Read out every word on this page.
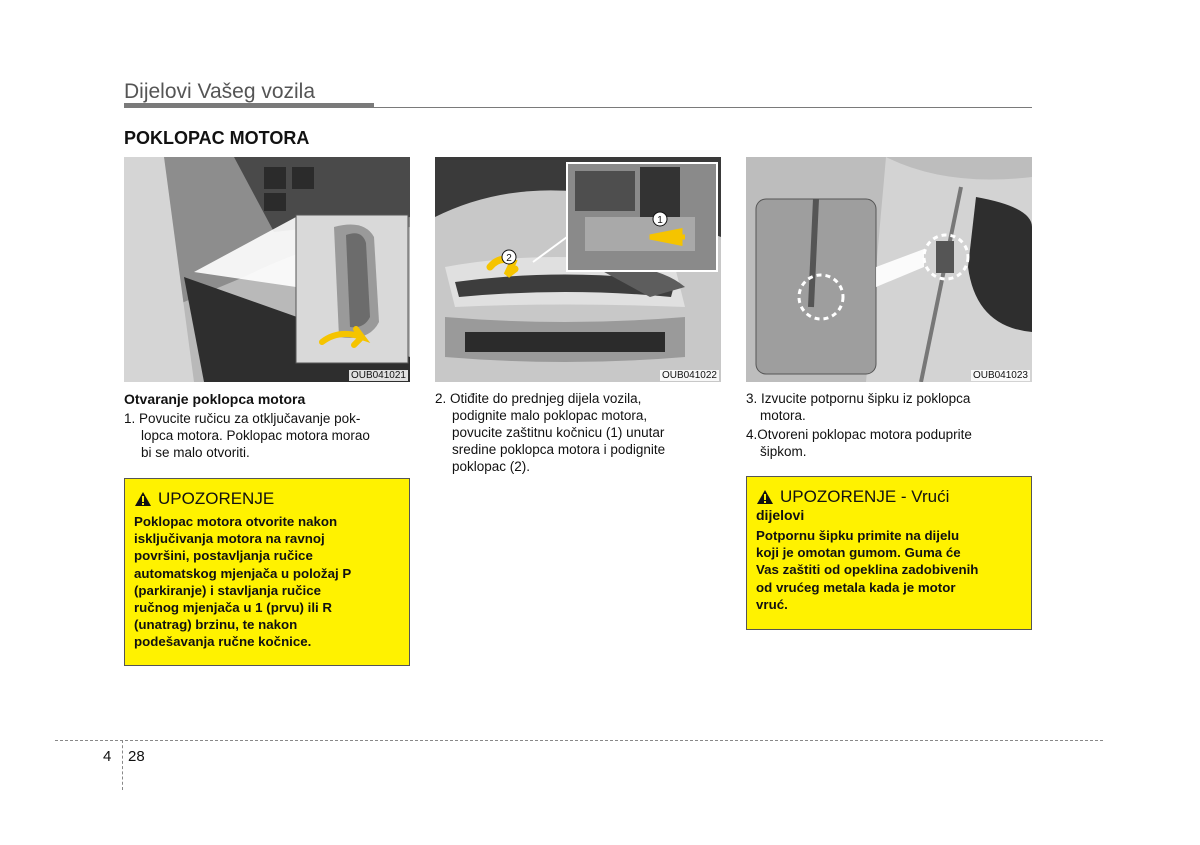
Dijelovi Vašeg vozila
POKLOPAC MOTORA
OUB041021
2
1
OUB041022	OUB041023
Otvaranje poklopca motora

1. Povucite ručicu za otključavanje pok-

lopca motora. Poklopac motora morao

bi se malo otvoriti.

2. Otiđite do prednjeg dijela vozila,

podignite malo poklopac motora,

povucite zaštitnu kočnicu (1) unutar

sredine poklopca motora i podignite

poklopac (2).

3. Izvucite potpornu šipku iz poklopca

motora.

4.Otvoreni poklopac motora poduprite

šipkom.

UPOZORENJE
Poklopac motora otvorite nakon
isključivanja motora na ravnoj
površini, postavljanja ručice
automatskog mjenjača u položaj P
(parkiranje) i stavljanja ručice
ručnog mjenjača u 1 (prvu) ili R
(unatrag) brzinu, te nakon
podešavanja ručne kočnice.
UPOZORENJE - Vrući
dijelovi
Potpornu šipku primite na dijelu
koji je omotan gumom. Guma će
Vas zaštiti od opeklina zadobivenih
od vrućeg metala kada je motor
vruć.
4 28
